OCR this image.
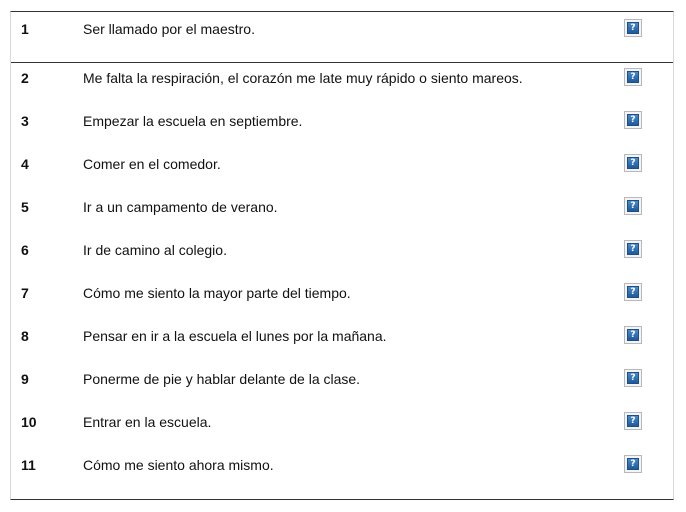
1	Ser llamado por el maestro.	?
2	Me falta la respiración, el corazón me late muy rápido o siento mareos.	?
3	Empezar la escuela en septiembre.	?
4	Comer en el comedor.	?
5	Ir a un campamento de verano.	?
6	Ir de camino al colegio.	?
7	Cómo me siento la mayor parte del tiempo.	?
8	Pensar en ir a la escuela el lunes por la mañana.	?
9	Ponerme de pie y hablar delante de la clase.	?
10	Entrar en la escuela.	?
11	Cómo me siento ahora mismo.	?
